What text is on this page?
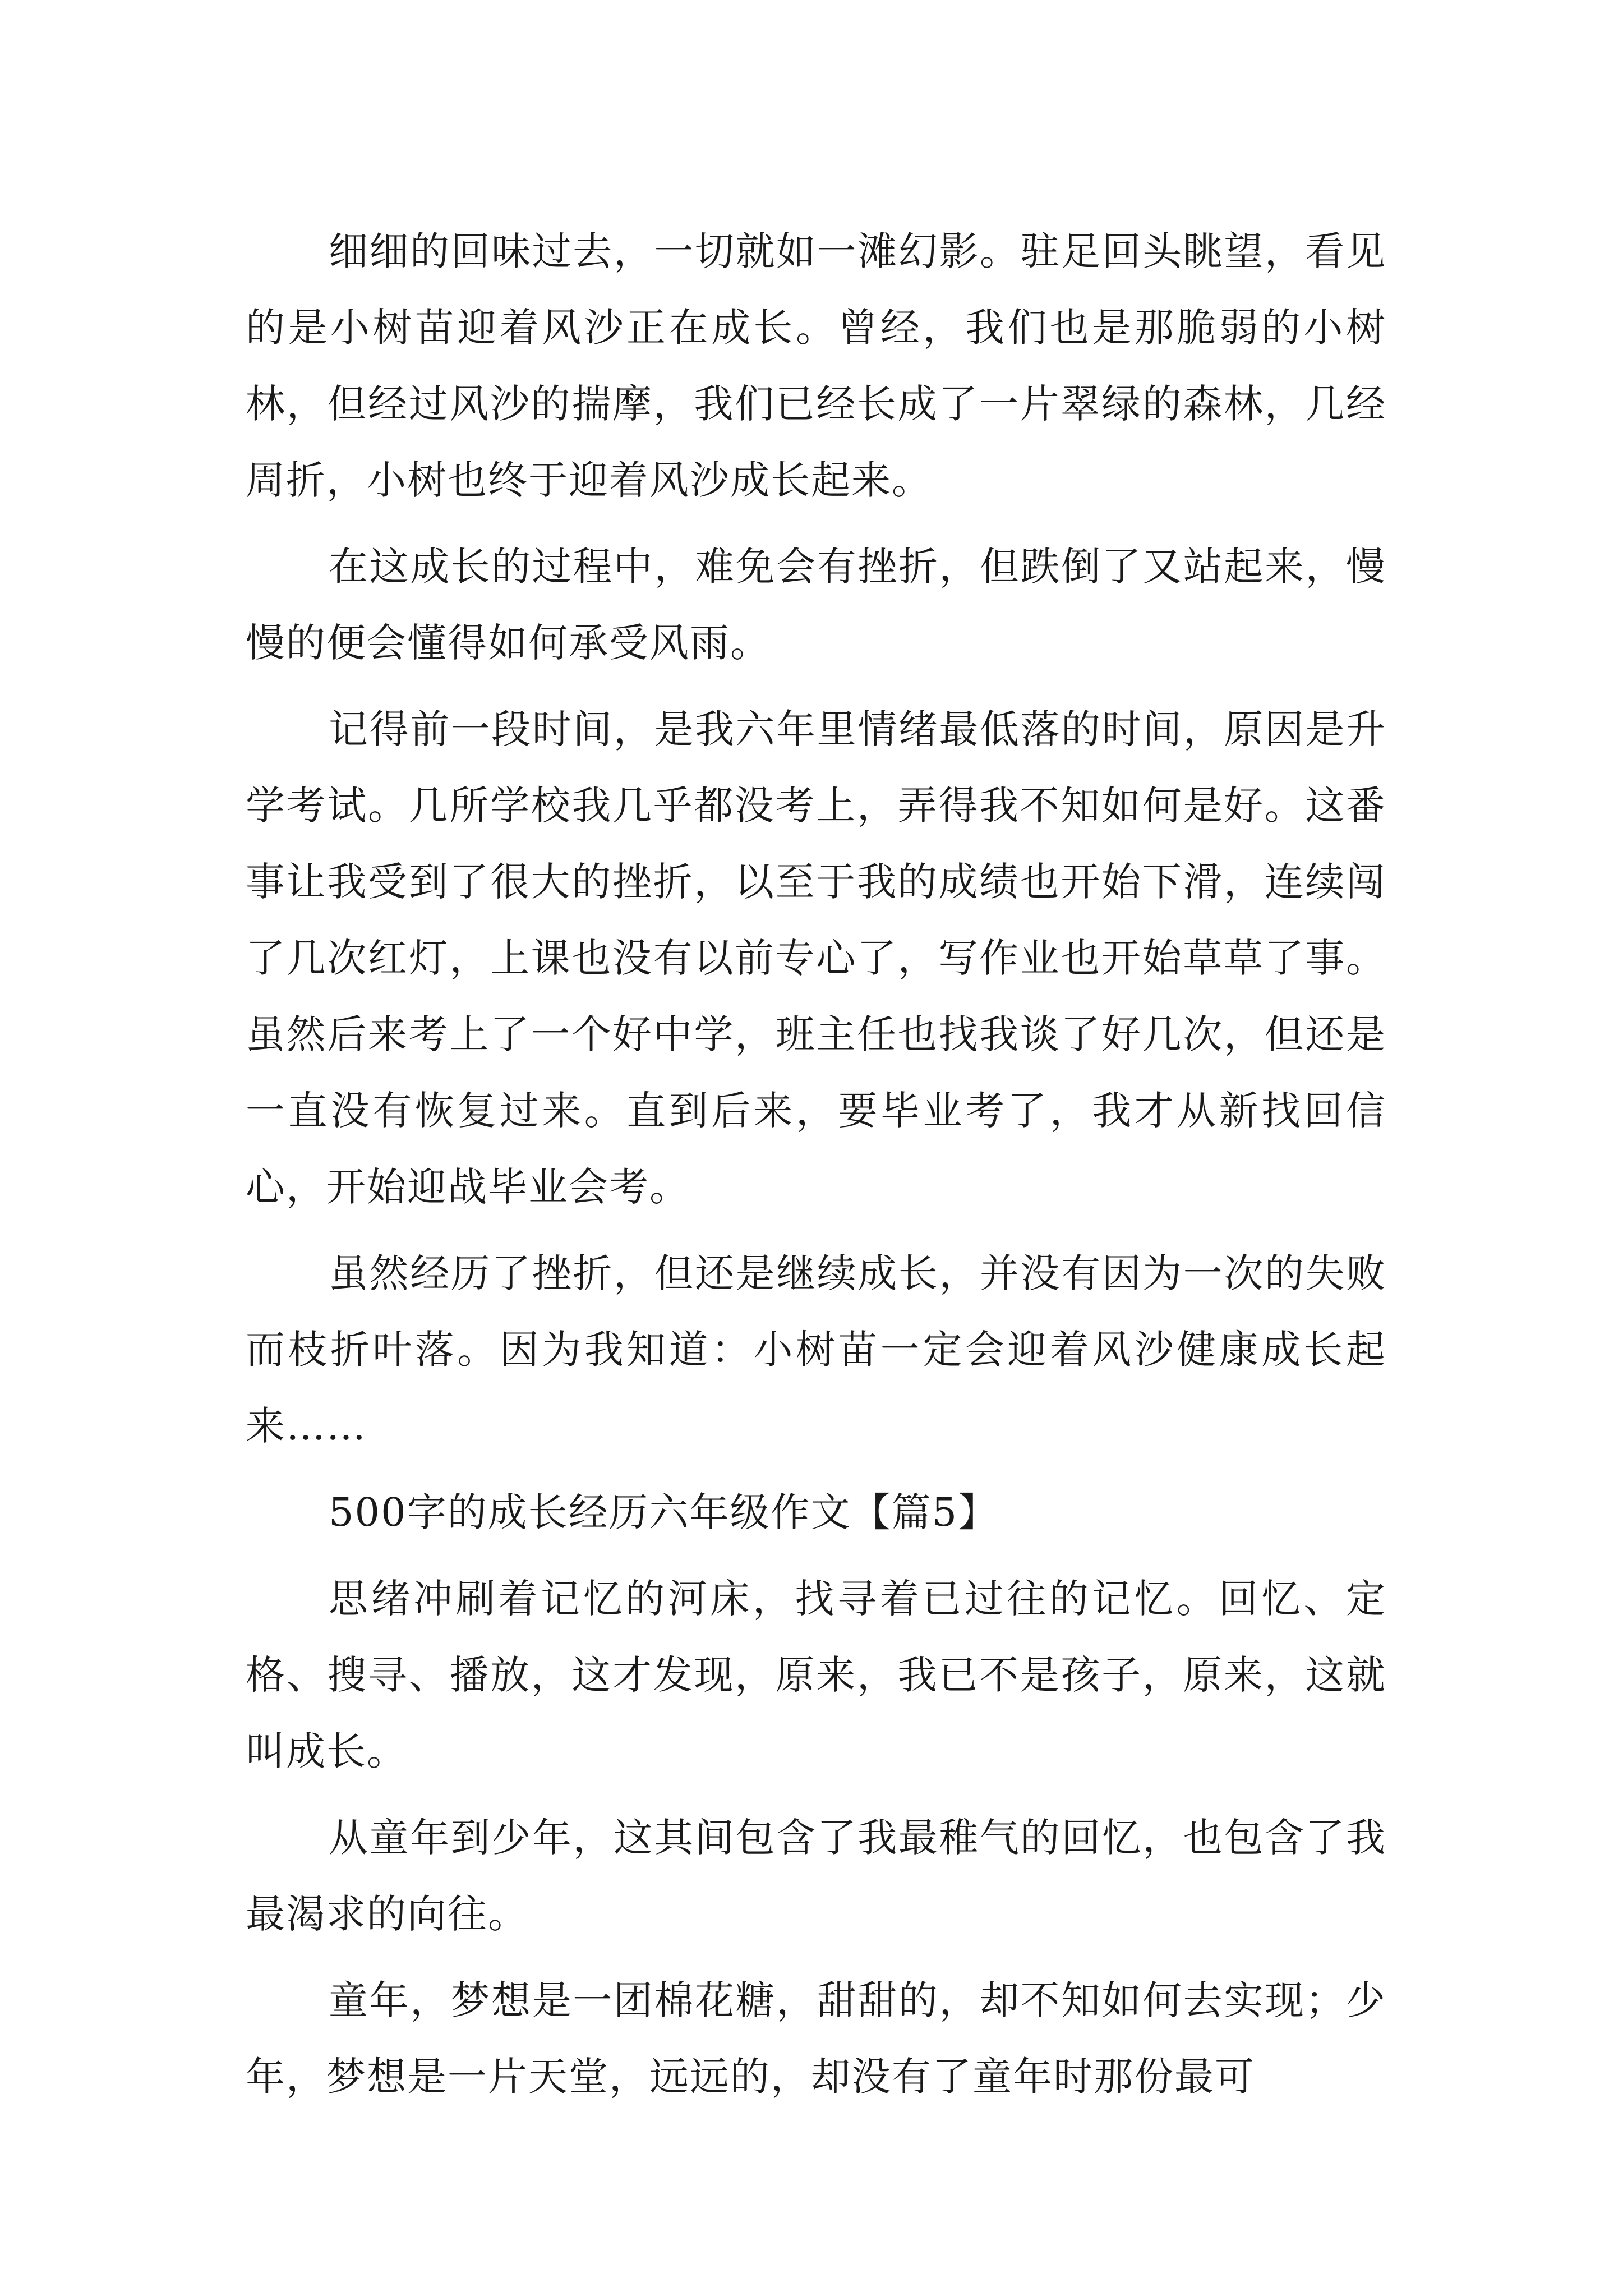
细细的回味过去，一切就如一滩幻影。驻足回头眺望，看见的是小树苗迎着风沙正在成长。曾经，我们也是那脆弱的小树林，但经过风沙的揣摩，我们已经长成了一片翠绿的森林，几经周折，小树也终于迎着风沙成长起来。

在这成长的过程中，难免会有挫折，但跌倒了又站起来，慢慢的便会懂得如何承受风雨。

记得前一段时间，是我六年里情绪最低落的时间，原因是升学考试。几所学校我几乎都没考上，弄得我不知如何是好。这番事让我受到了很大的挫折，以至于我的成绩也开始下滑，连续闯了几次红灯，上课也没有以前专心了，写作业也开始草草了事。虽然后来考上了一个好中学，班主任也找我谈了好几次，但还是一直没有恢复过来。直到后来，要毕业考了，我才从新找回信心，开始迎战毕业会考。

虽然经历了挫折，但还是继续成长，并没有因为一次的失败而枝折叶落。因为我知道：小树苗一定会迎着风沙健康成长起来……

500字的成长经历六年级作文【篇5】

思绪冲刷着记忆的河床，找寻着已过往的记忆。回忆、定格、搜寻、播放，这才发现，原来，我已不是孩子，原来，这就叫成长。

从童年到少年，这其间包含了我最稚气的回忆，也包含了我最渴求的向往。

童年，梦想是一团棉花糖，甜甜的，却不知如何去实现；少年，梦想是一片天堂，远远的，却没有了童年时那份最可
